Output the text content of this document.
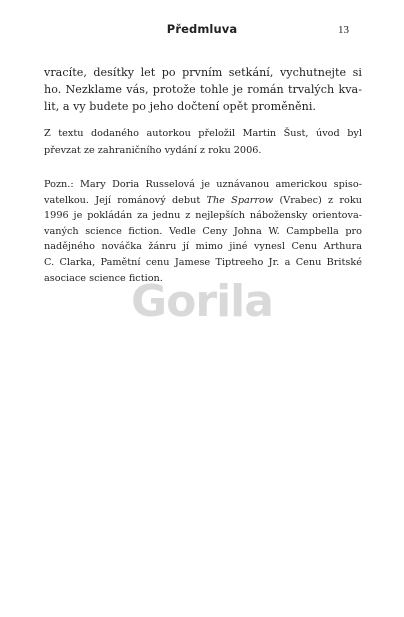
Předmluva	13
vracíte, desítky let po prvním setkání, vychutnejte si
ho. Nezklame vás, protože tohle je román trvalých kva-
lit, a vy budete po jeho dočtení opět proměněni.
Z textu dodaného autorkou přeložil Martin Šust, úvod byl
převzat ze zahraničního vydání z roku 2006.
Pozn.: Mary Doria Russelová je uznávanou americkou spiso-
vatelkou. Její románový debut The Sparrow (Vrabec) z roku
1996 je pokládán za jednu z nejlepších nábožensky orientova-
vaných science fiction. Vedle Ceny Johna W. Campbella pro
nadějného nováčka žánru jí mimo jiné vynesl Cenu Arthura
C. Clarka, Pamětní cenu Jamese Tiptreeho Jr. a Cenu Britské
asociace science fiction.
Gorila
